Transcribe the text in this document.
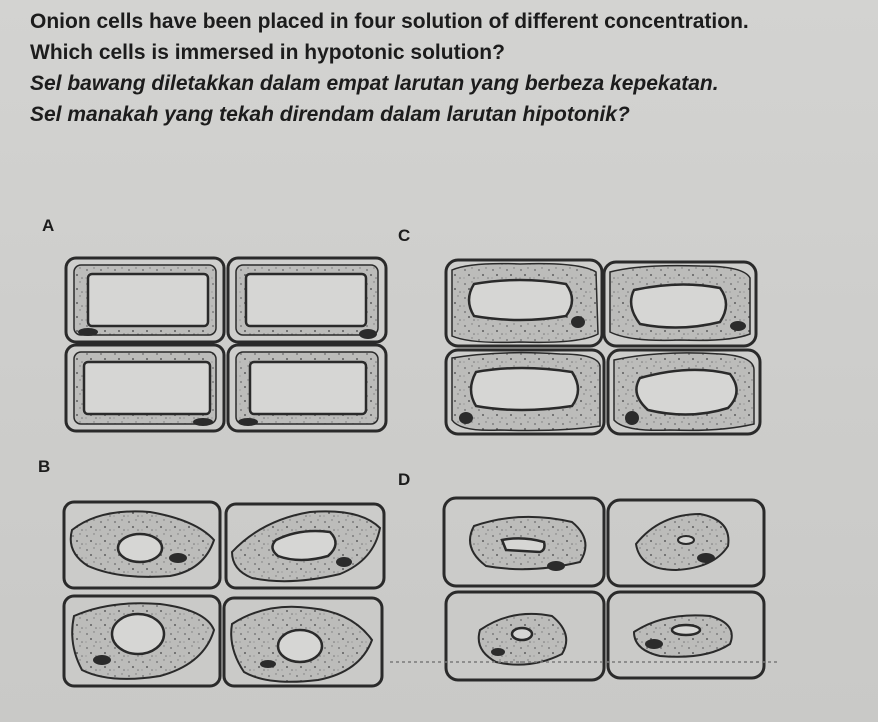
Onion cells have been placed in four solution of different concentration.
Which cells is immersed in hypotonic solution?
Sel bawang diletakkan dalam empat larutan yang berbeza kepekatan.
Sel manakah yang tekah direndam dalam larutan hipotonik?
A
C
B
D
